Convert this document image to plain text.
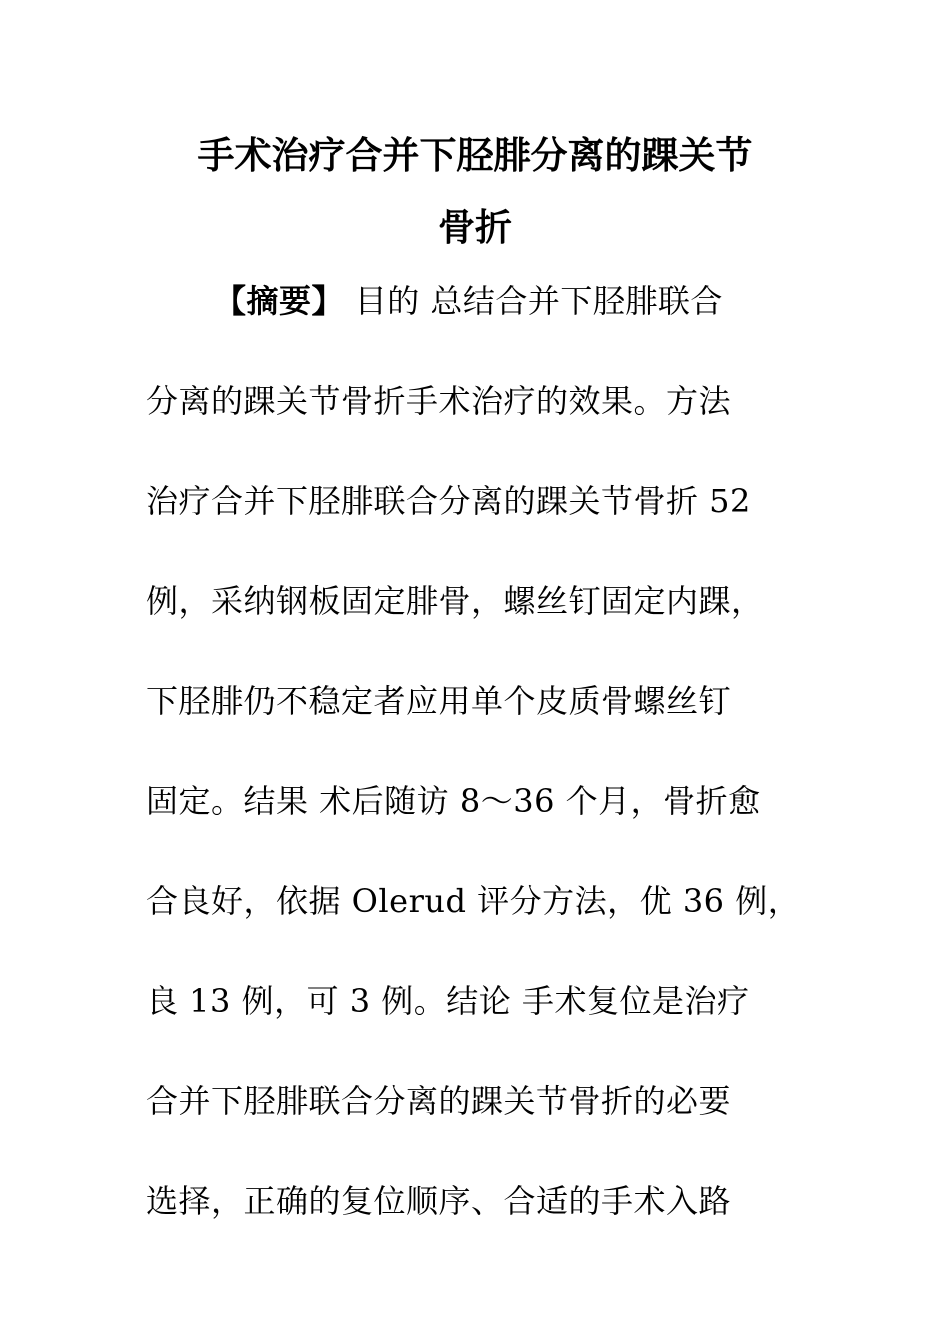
手术治疗合并下胫腓分离的踝关节
骨折
【摘要】 目的 总结合并下胫腓联合
分离的踝关节骨折手术治疗的效果。方法
治疗合并下胫腓联合分离的踝关节骨折 52
例，采纳钢板固定腓骨，螺丝钉固定内踝，
下胫腓仍不稳定者应用单个皮质骨螺丝钉
固定。结果 术后随访 8～36 个月，骨折愈
合良好，依据 Olerud 评分方法，优 36 例，
良 13 例，可 3 例。结论 手术复位是治疗
合并下胫腓联合分离的踝关节骨折的必要
选择，正确的复位顺序、合适的手术入路
